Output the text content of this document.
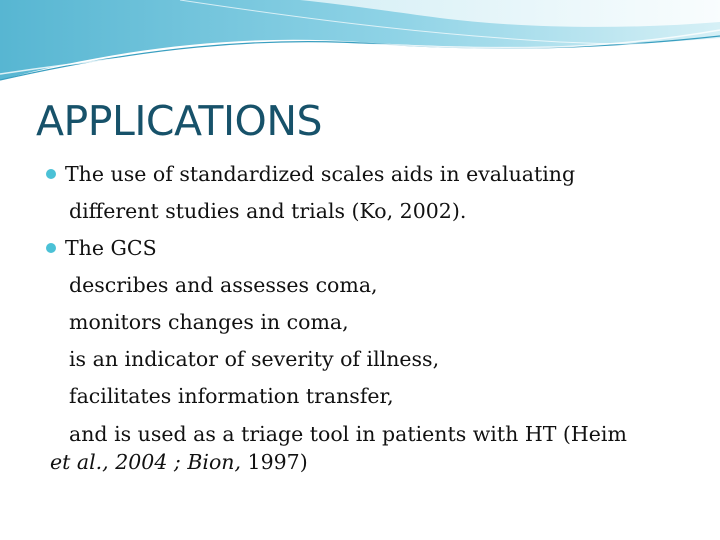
APPLICATIONS
The use of standardized scales aids in evaluating
different studies and trials (Ko, 2002).
The GCS
describes and assesses coma,
monitors changes in coma,
is an indicator of severity of illness,
facilitates information transfer,
and is used as a triage tool in patients with HT (Heim
et al., 2004 ; Bion, 1997)
